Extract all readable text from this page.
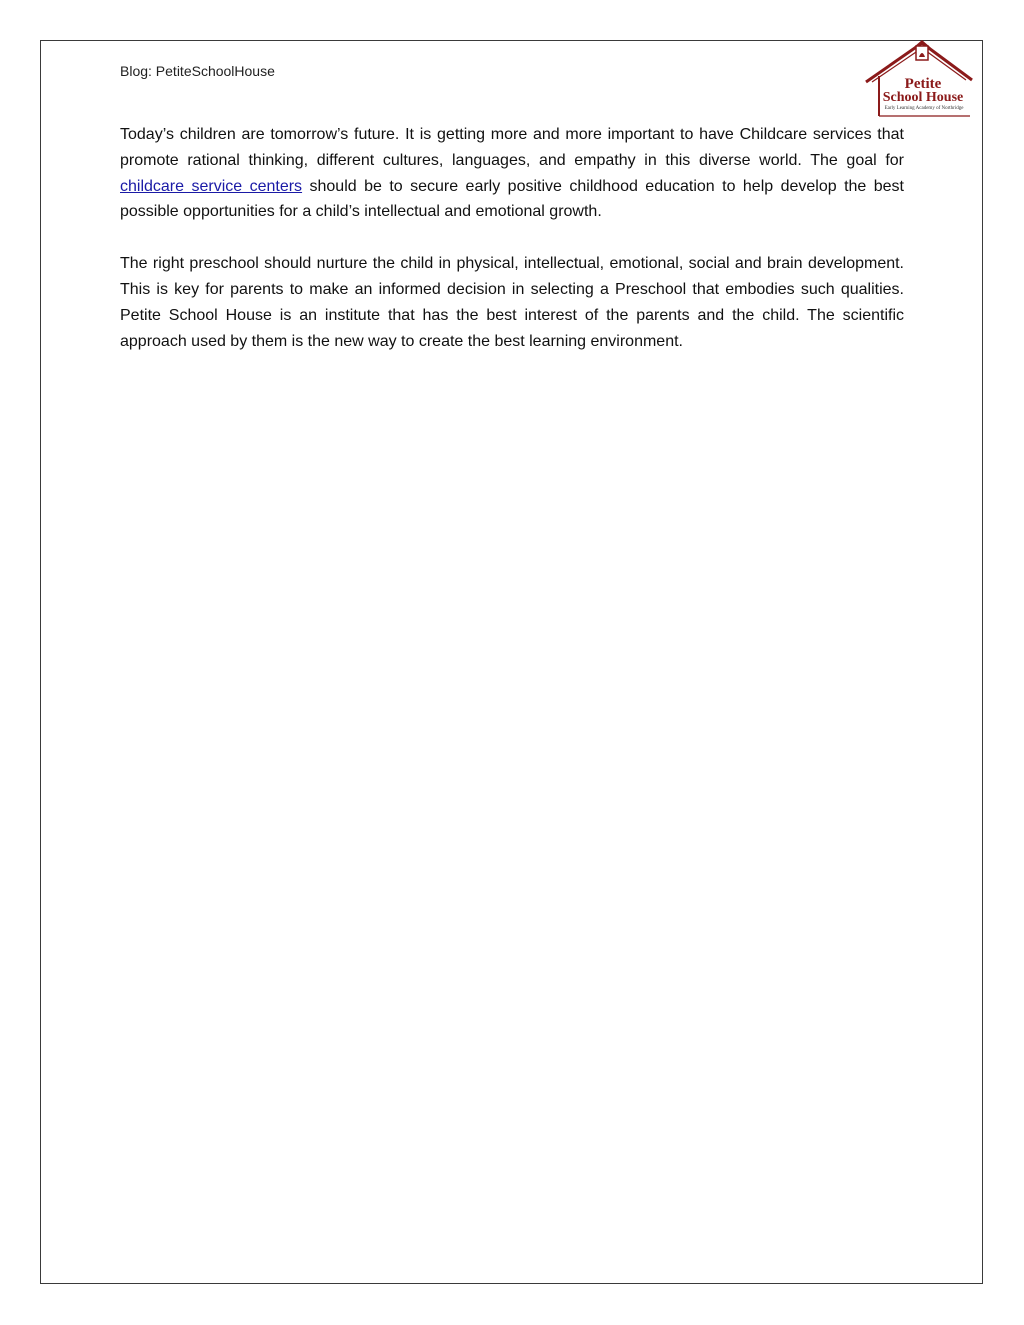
Blog: PetiteSchoolHouse
Petite
School House
Early Learning Academy of Northridge

Today’s children are tomorrow’s future. It is getting more and more important to have Childcare services that promote rational thinking, different cultures, languages, and empathy in this diverse world. The goal for childcare service centers should be to secure early positive childhood education to help develop the best possible opportunities for a child’s intellectual and emotional growth.

The right preschool should nurture the child in physical, intellectual, emotional, social and brain development. This is key for parents to make an informed decision in selecting a Preschool that embodies such qualities. Petite School House is an institute that has the best interest of the parents and the child. The scientific approach used by them is the new way to create the best learning environment.
